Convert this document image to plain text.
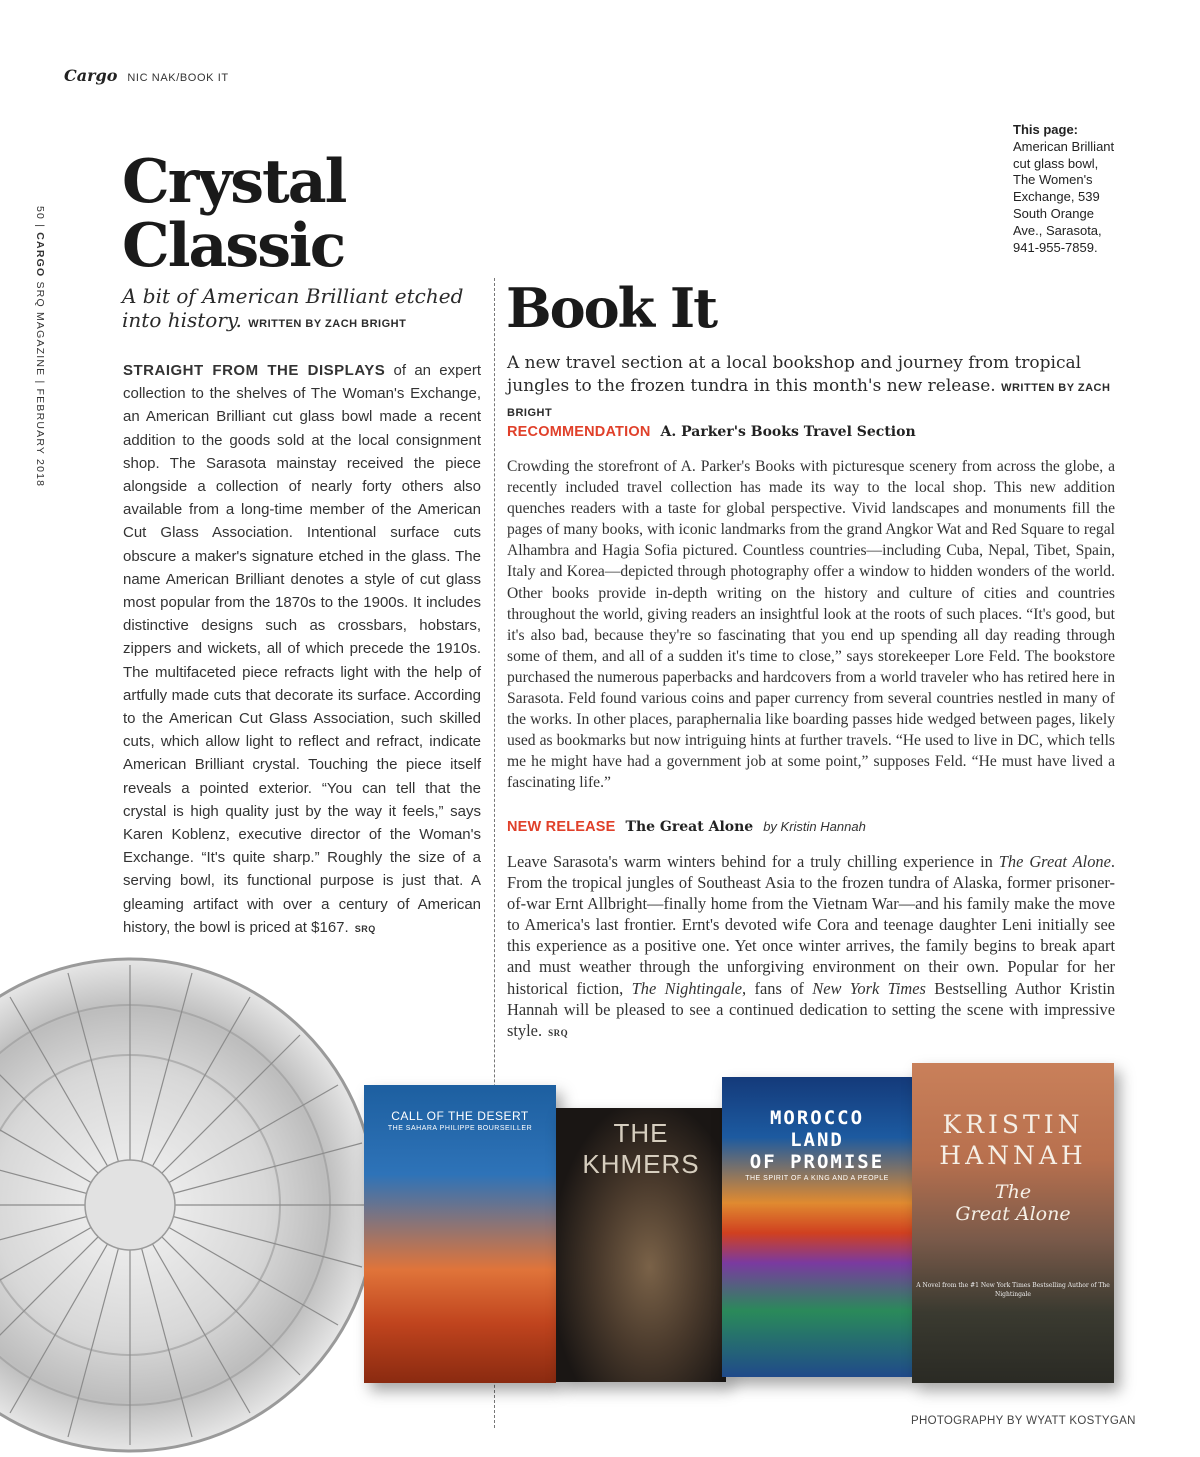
Cargo NIC NAK/BOOK IT
50 | CARGO SRQ MAGAZINE | FEBRUARY 2018
This page:
American Brilliant cut glass bowl, The Women's Exchange, 539 South Orange Ave., Sarasota, 941-955-7859.
Crystal
Classic
A bit of American Brilliant etched into history. WRITTEN BY ZACH BRIGHT

STRAIGHT FROM THE DISPLAYS of an expert collection to the shelves of The Woman's Exchange, an American Brilliant cut glass bowl made a recent addition to the goods sold at the local consignment shop. The Sarasota mainstay received the piece alongside a collection of nearly forty others also available from a long-time member of the American Cut Glass Association. Intentional surface cuts obscure a maker's signature etched in the glass. The name American Brilliant denotes a style of cut glass most popular from the 1870s to the 1900s. It includes distinctive designs such as crossbars, hobstars, zippers and wickets, all of which precede the 1910s. The multifaceted piece refracts light with the help of artfully made cuts that decorate its surface. According to the American Cut Glass Association, such skilled cuts, which allow light to reflect and refract, indicate American Brilliant crystal. Touching the piece itself reveals a pointed exterior. “You can tell that the crystal is high quality just by the way it feels,” says Karen Koblenz, executive director of the Woman's Exchange. “It's quite sharp.” Roughly the size of a serving bowl, its functional purpose is just that. A gleaming artifact with over a century of American history, the bowl is priced at $167. SRQ

Book It
A new travel section at a local bookshop and journey from tropical jungles to the frozen tundra in this month's new release. WRITTEN BY ZACH BRIGHT
RECOMMENDATION A. Parker's Books Travel Section

Crowding the storefront of A. Parker's Books with picturesque scenery from across the globe, a recently included travel collection has made its way to the local shop. This new addition quenches readers with a taste for global perspective. Vivid landscapes and monuments fill the pages of many books, with iconic landmarks from the grand Angkor Wat and Red Square to regal Alhambra and Hagia Sofia pictured. Countless countries—including Cuba, Nepal, Tibet, Spain, Italy and Korea—depicted through photography offer a window to hidden wonders of the world. Other books provide in-depth writing on the history and culture of cities and countries throughout the world, giving readers an insightful look at the roots of such places. “It's good, but it's also bad, because they're so fascinating that you end up spending all day reading through some of them, and all of a sudden it's time to close,” says storekeeper Lore Feld. The bookstore purchased the numerous paperbacks and hardcovers from a world traveler who has retired here in Sarasota. Feld found various coins and paper currency from several countries nestled in many of the works. In other places, paraphernalia like boarding passes hide wedged between pages, likely used as bookmarks but now intriguing hints at further travels. “He used to live in DC, which tells me he might have had a government job at some point,” supposes Feld. “He must have lived a fascinating life.”

NEW RELEASE The Great Alone by Kristin Hannah

Leave Sarasota's warm winters behind for a truly chilling experience in The Great Alone. From the tropical jungles of Southeast Asia to the frozen tundra of Alaska, former prisoner-of-war Ernt Allbright—finally home from the Vietnam War—and his family make the move to America's last frontier. Ernt's devoted wife Cora and teenage daughter Leni initially see this experience as a positive one. Yet once winter arrives, the family begins to break apart and must weather through the unforgiving environment on their own. Popular for her historical fiction, The Nightingale, fans of New York Times Bestselling Author Kristin Hannah will be pleased to see a continued dedication to setting the scene with impressive style. SRQ

CALL OF THE DESERT
THE SAHARA PHILIPPE BOURSEILLER	THE KHMERS
MOROCCO
LAND
OF PROMISE
THE SPIRIT OF A KING AND A PEOPLE
KRISTIN
HANNAH
The
Great Alone
A Novel from the #1 New York Times Bestselling Author of The Nightingale
PHOTOGRAPHY BY WYATT KOSTYGAN
